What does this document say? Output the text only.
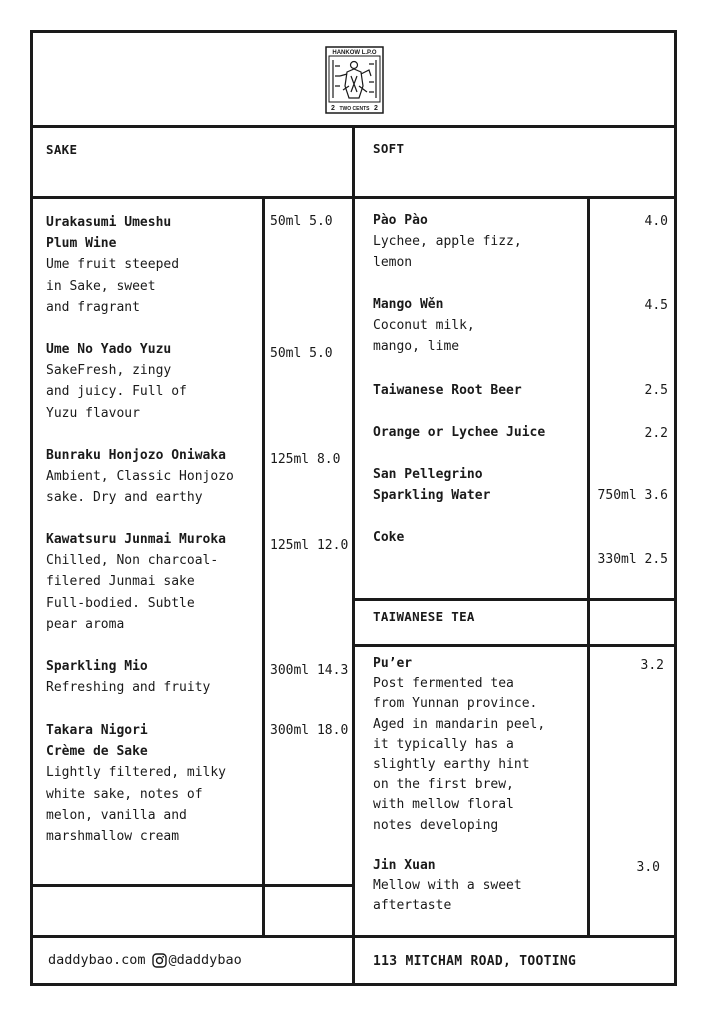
HANKOW L.P.O
TWO CENTS
2	2
SAKE	SOFT
TAIWANESE TEA
Urakasumi Umeshu
Plum Wine
Ume fruit steeped
in Sake, sweet
and fragrant
50ml 5.0
Ume No Yado Yuzu
SakeFresh, zingy
and juicy. Full of
Yuzu flavour
50ml 5.0
Bunraku Honjozo Oniwaka
Ambient, Classic Honjozo
sake. Dry and earthy
125ml 8.0
Kawatsuru Junmai Muroka
Chilled, Non charcoal-
filered Junmai sake
Full-bodied. Subtle
pear aroma
125ml 12.0
Sparkling Mio
Refreshing and fruity
300ml 14.3
Takara Nigori
Crème de Sake
Lightly filtered, milky
white sake, notes of
melon, vanilla and
marshmallow cream
300ml 18.0
Pào Pào
Lychee, apple fizz,
lemon
4.0
Mango Wěn
Coconut milk,
mango, lime
4.5
Taiwanese Root Beer	2.5
Orange or Lychee Juice	2.2
San Pellegrino
Sparkling Water	750ml 3.6
Coke
330ml 2.5
Pu’er
Post fermented tea
from Yunnan province.
Aged in mandarin peel,
it typically has a
slightly earthy hint
on the first brew,
with mellow floral
notes developing
3.2
Jin Xuan
Mellow with a sweet
aftertaste
3.0
daddybao.com @daddybao	113 MITCHAM ROAD, TOOTING
